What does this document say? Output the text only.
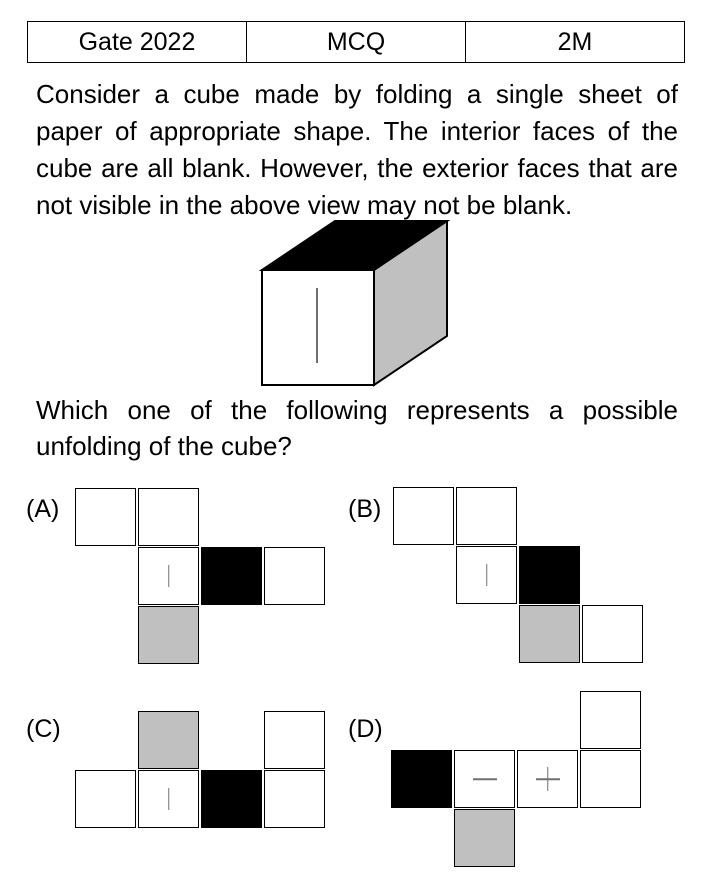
Gate 2022	MCQ	2M

Consider a cube made by folding a single sheet of paper of appropriate shape. The interior faces of the cube are all blank. However, the exterior faces that are not visible in the above view may not be blank.

Which one of the following represents a possible unfolding of the cube?

(A)	(B)
(C)	(D)
